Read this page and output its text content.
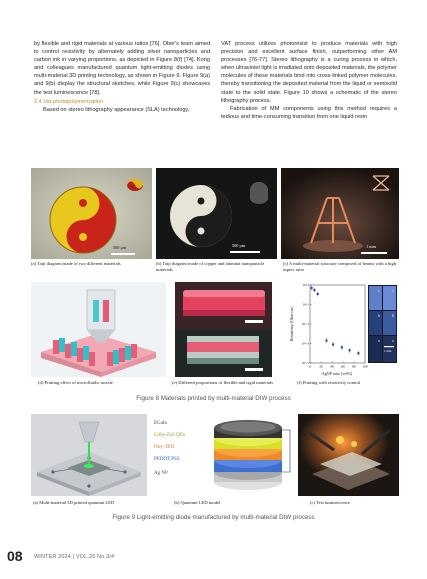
by flexible and rigid materials at various ratios [76]. Ober's team aimed to control resistivity by alternately adding silver nanoparticles and carbon ink in varying proportions, as depicted in Figure 8(f) [74]. Kong and colleagues manufactured quantum light-emitting diodes using multi-material 3D printing technology, as shown in Figure 9. Figure 9(a) and 9(b) display the structural sketches, while Figure 9(c) showcases the test luminescence [78].

2.4 Vat-photopolymerization

Based on stereo lithography appearance (SLA) technology,

VAT process utilizes photoresist to produce materials with high precision and excellent surface finish, outperforming other AM processes [76-77]. Stereo lithography is a curing process in which, when ultraviolet light is irradiated onto deposited materials, the polymer molecules of these materials bind into cross-linked polymer molecules, thereby transitioning the deposited material from the liquid or semisolid state to the solid state. Figure 10 shows a schematic of the stereo lithography process.

Fabrication of MM components using this method requires a tedious and time-consuming transition from one liquid resin

500 μm	500 μm	1 mm
(a) Taiji diagram made of two different materials	(b) Taiji diagram made of copper and alumina nanoparticle materials
(c) A multi-material structure composed of beams with a high aspect ratio
0 20 40 60 80 100
10^3
10^1
10^-1
10^-3
10^-5
Resistivity [Ohm·cm]
AgNP ratio [vol%]
c
b
a
c
b
a
1 mm
(d) Printing effect of microfluidic nozzle	(e) Different proportions of flexible and rigid materials	(f) Printing with resistivity control
Figure 8 Materials printed by multi-material DIW process
EGaIn
CdSe-ZnS QDs
Poly-TPD
PEDOT:PSS
Ag NP
(a) Multi-material 3D printed quantum LED	(b) Quantum LED model	(c) Test luminescence
Figure 9 Light-emitting diode manufactured by multi-material DIW process
08 WINTER 2024 | VOL.25 No.3/4
